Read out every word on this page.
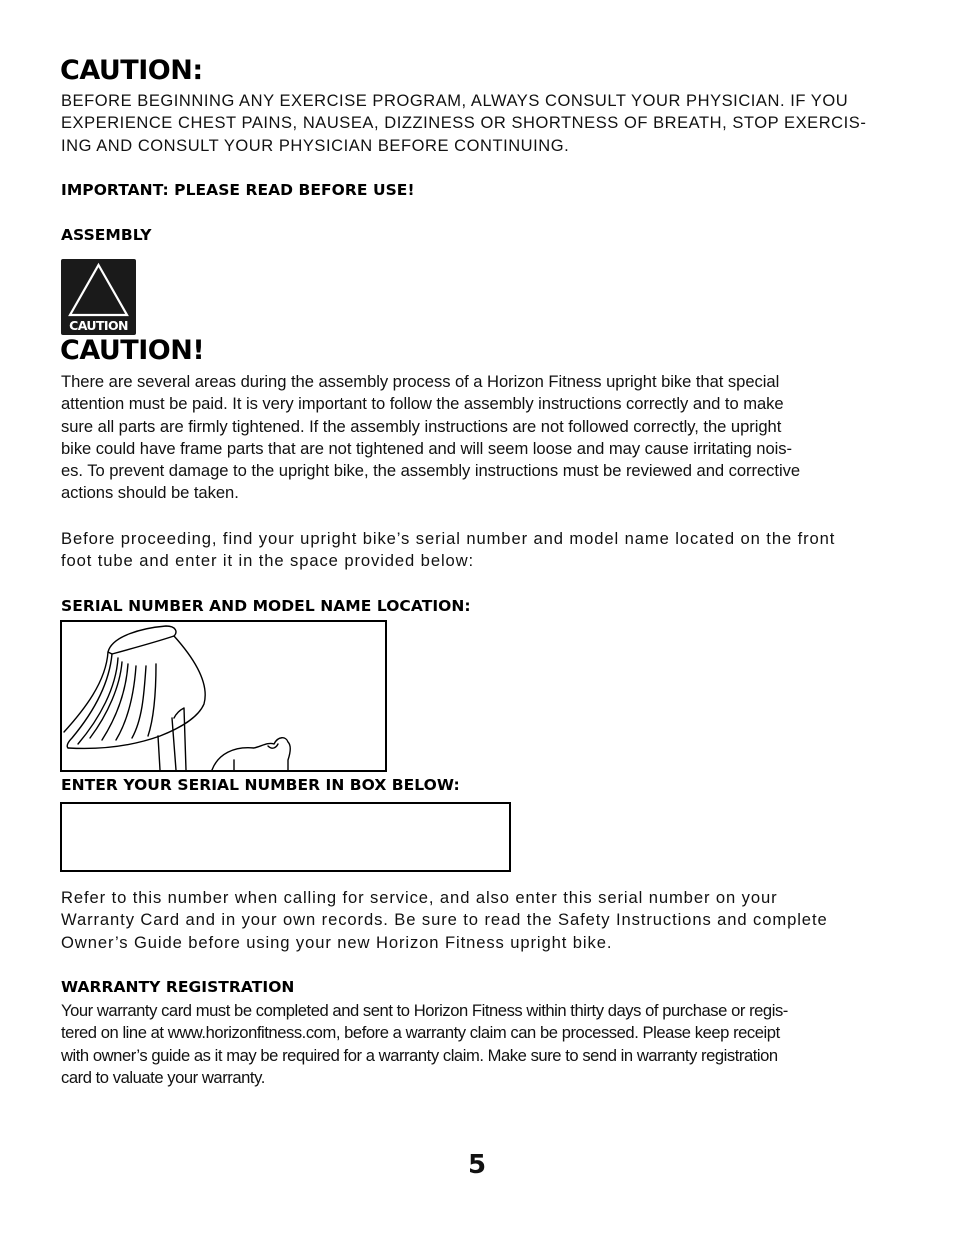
CAUTION:

BEFORE BEGINNING ANY EXERCISE PROGRAM, ALWAYS CONSULT YOUR PHYSICIAN. IF YOU
EXPERIENCE CHEST PAINS, NAUSEA, DIZZINESS OR SHORTNESS OF BREATH, STOP EXERCIS-
ING AND CONSULT YOUR PHYSICIAN BEFORE CONTINUING.

IMPORTANT: PLEASE READ BEFORE USE!
ASSEMBLY
CAUTION
CAUTION!

There are several areas during the assembly process of a Horizon Fitness upright bike that special
attention must be paid. It is very important to follow the assembly instructions correctly and to make
sure all parts are firmly tightened. If the assembly instructions are not followed correctly, the upright
bike could have frame parts that are not tightened and will seem loose and may cause irritating nois-
es. To prevent damage to the upright bike, the assembly instructions must be reviewed and corrective
actions should be taken.

Before proceeding, find your upright bike’s serial number and model name located on the front
foot tube and enter it in the space provided below:

SERIAL NUMBER AND MODEL NAME LOCATION:
ENTER YOUR SERIAL NUMBER IN BOX BELOW:

Refer to this number when calling for service, and also enter this serial number on your
Warranty Card and in your own records. Be sure to read the Safety Instructions and complete
Owner’s Guide before using your new Horizon Fitness upright bike.

WARRANTY REGISTRATION

Your warranty card must be completed and sent to Horizon Fitness within thirty days of purchase or regis-
tered on line at www.horizonfitness.com, before a warranty claim can be processed. Please keep receipt
with owner’s guide as it may be required for a warranty claim. Make sure to send in warranty registration
card to valuate your warranty.

5
